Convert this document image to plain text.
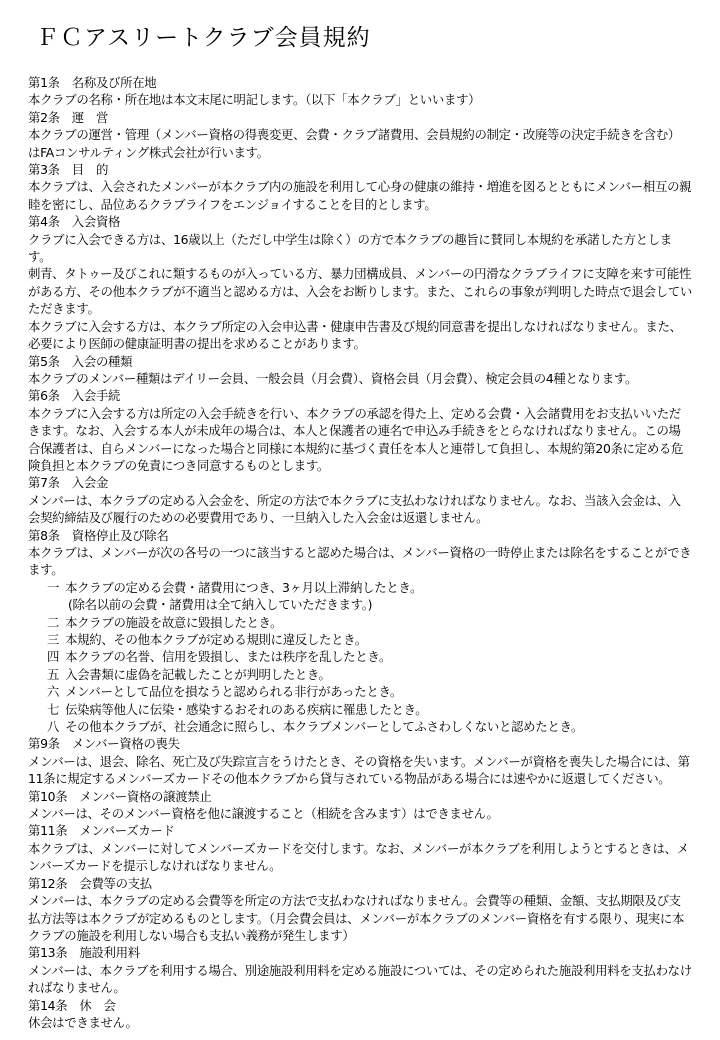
ＦＣアスリートクラブ会員規約
第1条 名称及び所在地

本クラブの名称・所在地は本文末尾に明記します。（以下「本クラブ」といいます）

第2条 運　営

本クラブの運営・管理（メンバー資格の得喪変更、会費・クラブ諸費用、会員規約の制定・改廃等の決定手続きを含む）はFAコンサルティング株式会社が行います。

第3条 目　的

本クラブは、入会されたメンバーが本クラブ内の施設を利用して心身の健康の維持・増進を図るとともにメンバー相互の親睦を密にし、品位あるクラブライフをエンジョイすることを目的とします。

第4条 入会資格

クラブに入会できる方は、16歳以上（ただし中学生は除く）の方で本クラブの趣旨に賛同し本規約を承諾した方とします。

刺青、タトゥー及びこれに類するものが入っている方、暴力団構成員、メンバーの円滑なクラブライフに支障を来す可能性がある方、その他本クラブが不適当と認める方は、入会をお断りします。また、これらの事象が判明した時点で退会していただきます。

本クラブに入会する方は、本クラブ所定の入会申込書・健康申告書及び規約同意書を提出しなければなりません。また、必要により医師の健康証明書の提出を求めることがあります。

第5条 入会の種類

本クラブのメンバー種類はデイリー会員、一般会員（月会費）、資格会員（月会費）、検定会員の4種となります。

第6条 入会手続

本クラブに入会する方は所定の入会手続きを行い、本クラブの承認を得た上、定める会費・入会諸費用をお支払いいただきます。なお、入会する本人が未成年の場合は、本人と保護者の連名で申込み手続きをとらなければなりません。この場合保護者は、自らメンバーになった場合と同様に本規約に基づく責任を本人と連帯して負担し、本規約第20条に定める危険負担と本クラブの免責につき同意するものとします。

第7条 入会金

メンバーは、本クラブの定める入会金を、所定の方法で本クラブに支払わなければなりません。なお、当該入会金は、入会契約締結及び履行のための必要費用であり、一旦納入した入会金は返還しません。

第8条 資格停止及び除名

本クラブは、メンバーが次の各号の一つに該当すると認めた場合は、メンバー資格の一時停止または除名をすることができます。

一 本クラブの定める会費・諸費用につき、3ヶ月以上滞納したとき。
(除名以前の会費・諸費用は全て納入していただきます。)
二 本クラブの施設を故意に毀損したとき。
三 本規約、その他本クラブが定める規則に違反したとき。
四 本クラブの名誉、信用を毀損し、または秩序を乱したとき。
五 入会書類に虚偽を記載したことが判明したとき。
六 メンバーとして品位を損なうと認められる非行があったとき。
七 伝染病等他人に伝染・感染するおそれのある疾病に罹患したとき。
八 その他本クラブが、社会通念に照らし、本クラブメンバーとしてふさわしくないと認めたとき。
第9条 メンバー資格の喪失

メンバーは、退会、除名、死亡及び失踪宣言をうけたとき、その資格を失います。メンバーが資格を喪失した場合には、第11条に規定するメンバーズカードその他本クラブから貸与されている物品がある場合には速やかに返還してください。

第10条 メンバー資格の譲渡禁止

メンバーは、そのメンバー資格を他に譲渡すること（相続を含みます）はできません。

第11条 メンバーズカード

本クラブは、メンバーに対してメンバーズカードを交付します。なお、メンバーが本クラブを利用しようとするときは、メンバーズカードを提示しなければなりません。

第12条 会費等の支払

メンバーは、本クラブの定める会費等を所定の方法で支払わなければなりません。会費等の種類、金額、支払期限及び支払方法等は本クラブが定めるものとします。（月会費会員は、メンバーが本クラブのメンバー資格を有する限り、現実に本クラブの施設を利用しない場合も支払い義務が発生します）

第13条 施設利用料

メンバーは、本クラブを利用する場合、別途施設利用料を定める施設については、その定められた施設利用料を支払わなければなりません。

第14条 休　会

休会はできません。
